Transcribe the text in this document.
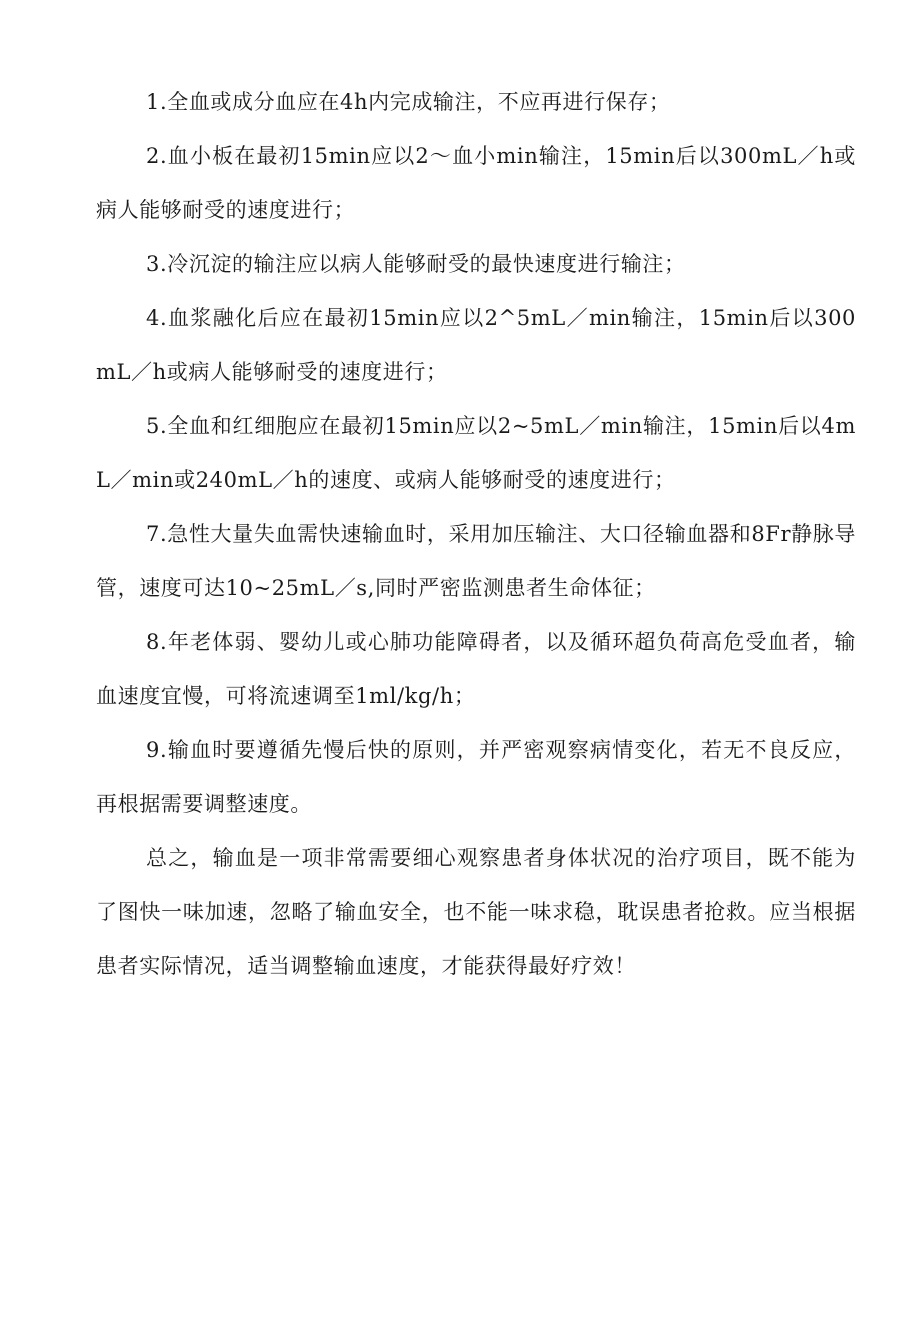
1.全血或成分血应在4h内完成输注，不应再进行保存；

2.血小板在最初15min应以2～血小min输注，15min后以300mL／h或病人能够耐受的速度进行；

3.冷沉淀的输注应以病人能够耐受的最快速度进行输注；

4.血浆融化后应在最初15min应以2^5mL／min输注，15min后以300mL／h或病人能够耐受的速度进行；

5.全血和红细胞应在最初15min应以2~5mL／min输注，15min后以4mL／min或240mL／h的速度、或病人能够耐受的速度进行；

7.急性大量失血需快速输血时，采用加压输注、大口径输血器和8Fr静脉导管，速度可达10~25mL／s,同时严密监测患者生命体征；

8.年老体弱、婴幼儿或心肺功能障碍者，以及循环超负荷高危受血者，输血速度宜慢，可将流速调至1ml/kg/h；

9.输血时要遵循先慢后快的原则，并严密观察病情变化，若无不良反应，再根据需要调整速度。

总之，输血是一项非常需要细心观察患者身体状况的治疗项目，既不能为了图快一味加速，忽略了输血安全，也不能一味求稳，耽误患者抢救。应当根据患者实际情况，适当调整输血速度，才能获得最好疗效！
